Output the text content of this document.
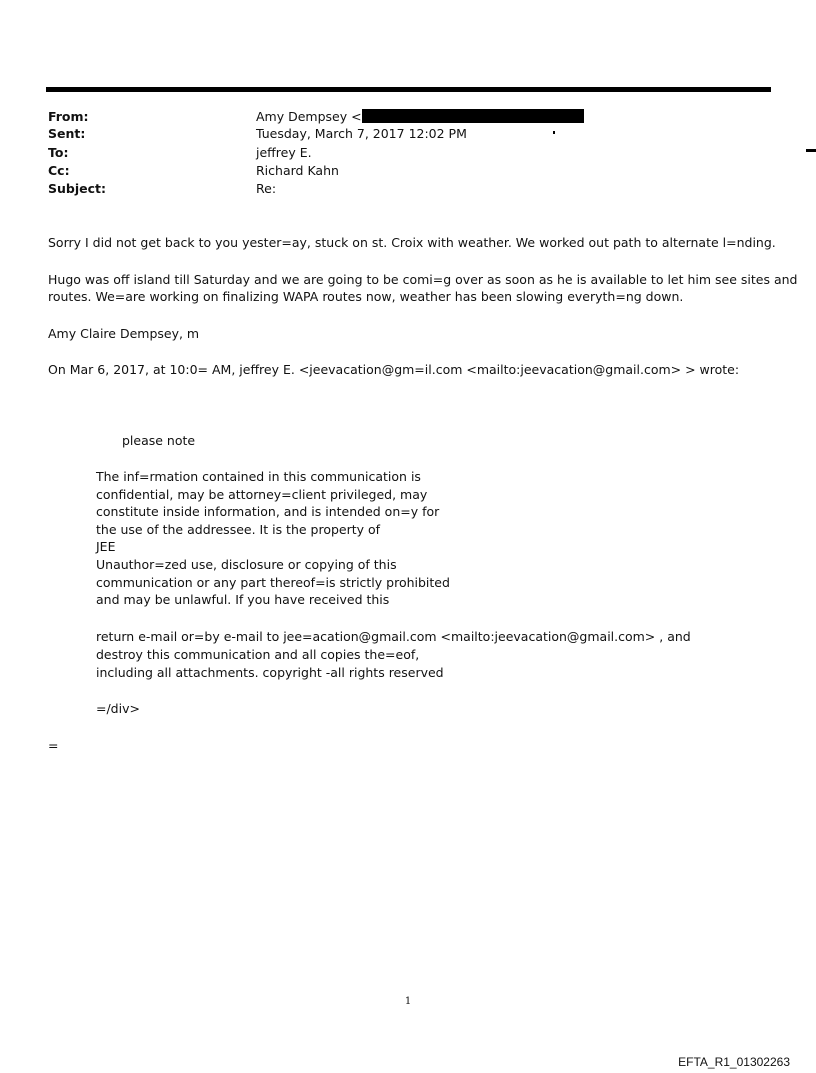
From:	Amy Dempsey <
Sent:	Tuesday, March 7, 2017 12:02 PM
To:	jeffrey E.
Cc:	Richard Kahn
Subject:	Re:
Sorry I did not get back to you yester=ay, stuck on st. Croix with weather. We worked out path to alternate l=nding.
Hugo was off island till Saturday and we are going to be comi=g over as soon as he is available to let him see sites and
routes. We=are working on finalizing WAPA routes now, weather has been slowing everyth=ng down.
Amy Claire Dempsey, m
On Mar 6, 2017, at 10:0= AM, jeffrey E. <jeevacation@gm=il.com <mailto:jeevacation@gmail.com> > wrote:
please note
The inf=rmation contained in this communication is
confidential, may be attorney=client privileged, may
constitute inside information, and is intended on=y for
the use of the addressee. It is the property of
JEE
Unauthor=zed use, disclosure or copying of this
communication or any part thereof=is strictly prohibited
and may be unlawful. If you have received this
return e-mail or=by e-mail to jee=acation@gmail.com <mailto:jeevacation@gmail.com> , and
destroy this communication and all copies the=eof,
including all attachments. copyright -all rights reserved
=/div>
=
1
EFTA_R1_01302263
